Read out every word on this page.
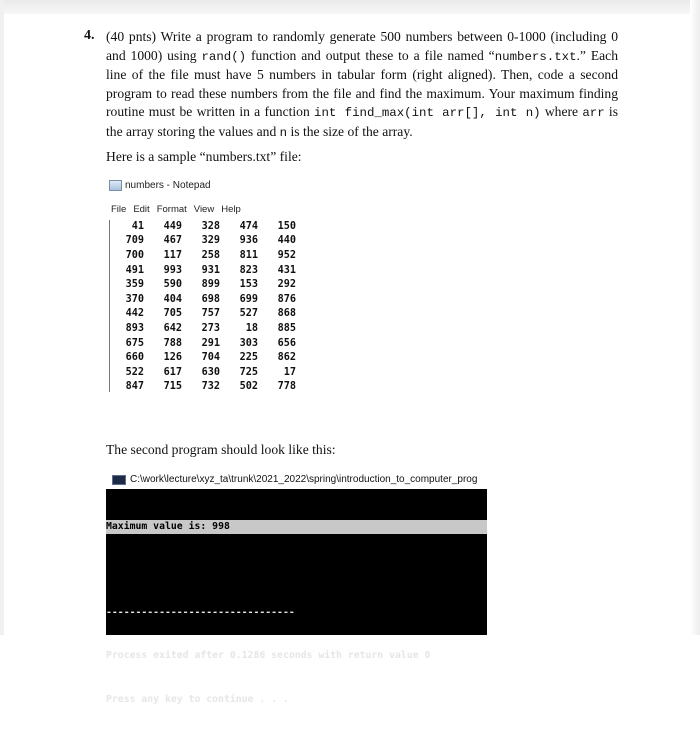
4. (40 pnts) Write a program to randomly generate 500 numbers between 0-1000 (including 0 and 1000) using rand() function and output these to a file named “numbers.txt.” Each line of the file must have 5 numbers in tabular form (right aligned). Then, code a second program to read these numbers from the file and find the maximum. Your maximum finding routine must be written in a function int find_max(int arr[], int n) where arr is the array storing the values and n is the size of the array.
Here is a sample “numbers.txt” file:
numbers - Notepad
File Edit Format View Help
41	449	328	474	150
709	467	329	936	440
700	117	258	811	952
491	993	931	823	431
359	590	899	153	292
370	404	698	699	876
442	705	757	527	868
893	642	273	18	885
675	788	291	303	656
660	126	704	225	862
522	617	630	725	17
847	715	732	502	778
The second program should look like this:
C:\work\lecture\xyz_ta\trunk\2021_2022\spring\introduction_to_computer_prog

Maximum value is: 998

--------------------------------

Process exited after 0.1286 seconds with return value 0

Press any key to continue . . .
